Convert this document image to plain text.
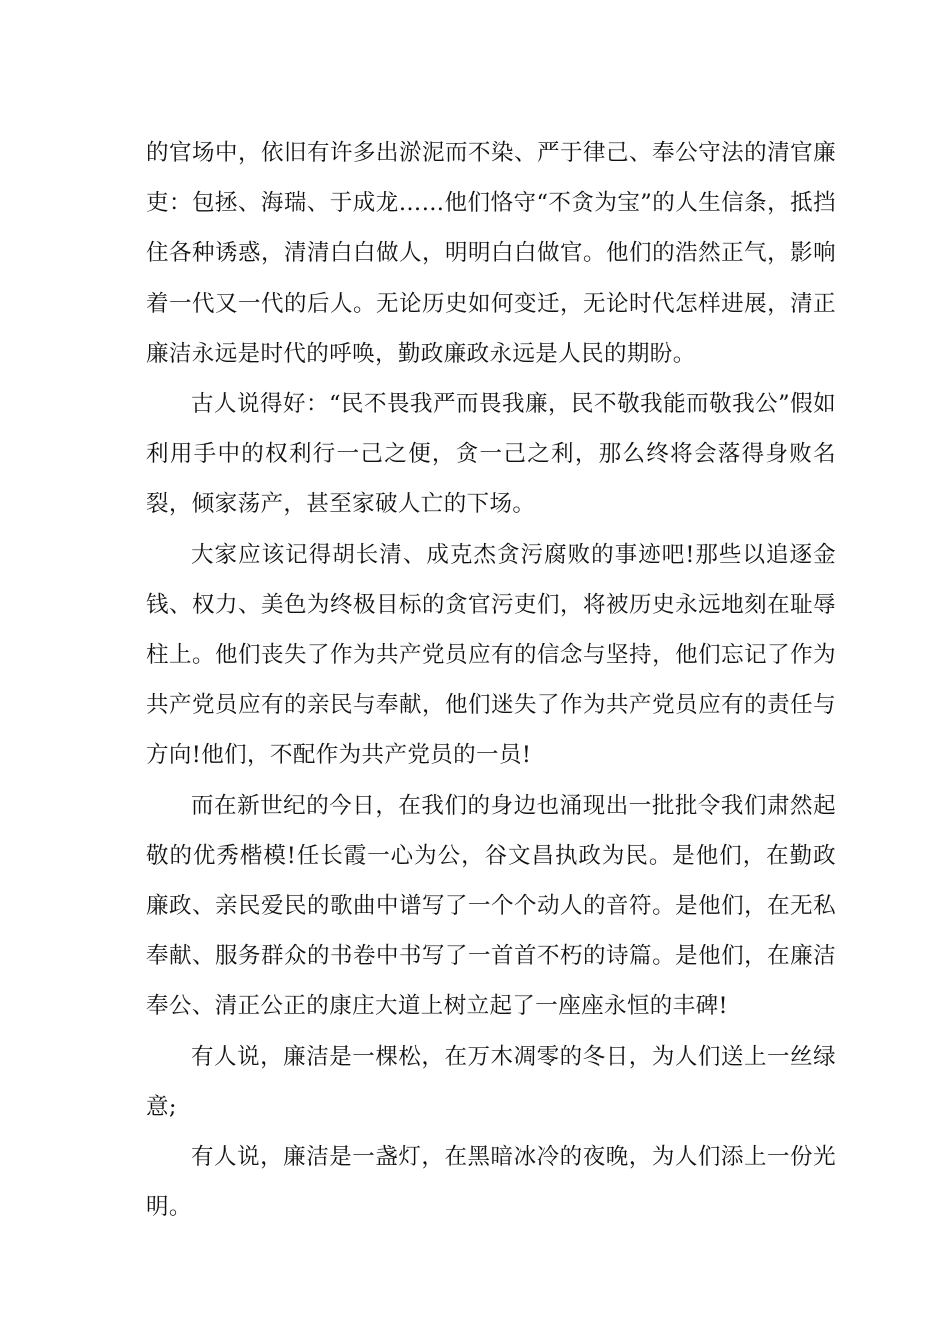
的官场中，依旧有许多出淤泥而不染、严于律己、奉公守法的清官廉吏：包拯、海瑞、于成龙……他们恪守“不贪为宝”的人生信条，抵挡住各种诱惑，清清白白做人，明明白白做官。他们的浩然正气，影响着一代又一代的后人。无论历史如何变迁，无论时代怎样进展，清正廉洁永远是时代的呼唤，勤政廉政永远是人民的期盼。

古人说得好：“民不畏我严而畏我廉，民不敬我能而敬我公”假如利用手中的权利行一己之便，贪一己之利，那么终将会落得身败名裂，倾家荡产，甚至家破人亡的下场。

大家应该记得胡长清、成克杰贪污腐败的事迹吧!那些以追逐金钱、权力、美色为终极目标的贪官污吏们，将被历史永远地刻在耻辱柱上。他们丧失了作为共产党员应有的信念与坚持，他们忘记了作为共产党员应有的亲民与奉献，他们迷失了作为共产党员应有的责任与方向!他们，不配作为共产党员的一员!

而在新世纪的今日，在我们的身边也涌现出一批批令我们肃然起敬的优秀楷模!任长霞一心为公，谷文昌执政为民。是他们，在勤政廉政、亲民爱民的歌曲中谱写了一个个动人的音符。是他们，在无私奉献、服务群众的书卷中书写了一首首不朽的诗篇。是他们，在廉洁奉公、清正公正的康庄大道上树立起了一座座永恒的丰碑!

有人说，廉洁是一棵松，在万木凋零的冬日，为人们送上一丝绿意;

有人说，廉洁是一盏灯，在黑暗冰冷的夜晚，为人们添上一份光明。
